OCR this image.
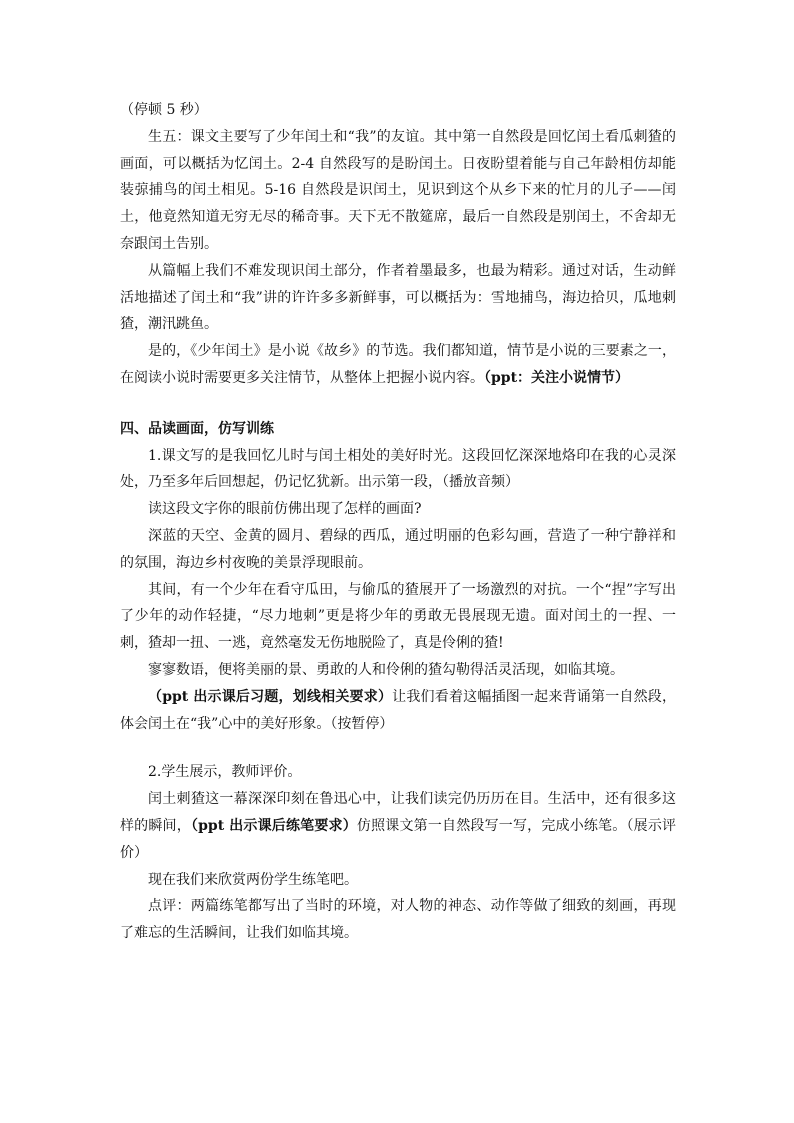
（停顿 5 秒）

生五：课文主要写了少年闰土和“我”的友谊。其中第一自然段是回忆闰土看瓜刺猹的画面，可以概括为忆闰土。2-4 自然段写的是盼闰土。日夜盼望着能与自己年龄相仿却能装弶捕鸟的闰土相见。5-16 自然段是识闰土，见识到这个从乡下来的忙月的儿子——闰土，他竟然知道无穷无尽的稀奇事。天下无不散筵席，最后一自然段是别闰土，不舍却无奈跟闰土告别。

从篇幅上我们不难发现识闰土部分，作者着墨最多，也最为精彩。通过对话，生动鲜活地描述了闰土和“我”讲的许许多多新鲜事，可以概括为：雪地捕鸟，海边拾贝，瓜地刺猹，潮汛跳鱼。

是的，《少年闰土》是小说《故乡》的节选。我们都知道，情节是小说的三要素之一，在阅读小说时需要更多关注情节，从整体上把握小说内容。（ppt：关注小说情节）

四、品读画面，仿写训练

1.课文写的是我回忆儿时与闰土相处的美好时光。这段回忆深深地烙印在我的心灵深处，乃至多年后回想起，仍记忆犹新。出示第一段，（播放音频）

读这段文字你的眼前仿佛出现了怎样的画面?

深蓝的天空、金黄的圆月、碧绿的西瓜，通过明丽的色彩勾画，营造了一种宁静祥和的氛围，海边乡村夜晚的美景浮现眼前。

其间，有一个少年在看守瓜田，与偷瓜的猹展开了一场激烈的对抗。一个“捏”字写出了少年的动作轻捷，“尽力地刺”更是将少年的勇敢无畏展现无遗。面对闰土的一捏、一刺，猹却一扭、一逃，竟然毫发无伤地脱险了，真是伶俐的猹!

寥寥数语，便将美丽的景、勇敢的人和伶俐的猹勾勒得活灵活现，如临其境。

（ppt 出示课后习题，划线相关要求）让我们看着这幅插图一起来背诵第一自然段，体会闰土在“我”心中的美好形象。（按暂停）

2.学生展示，教师评价。

闰土刺猹这一幕深深印刻在鲁迅心中，让我们读完仍历历在目。生活中，还有很多这样的瞬间，（ppt 出示课后练笔要求）仿照课文第一自然段写一写，完成小练笔。（展示评价）

现在我们来欣赏两份学生练笔吧。

点评：两篇练笔都写出了当时的环境，对人物的神态、动作等做了细致的刻画，再现了难忘的生活瞬间，让我们如临其境。
